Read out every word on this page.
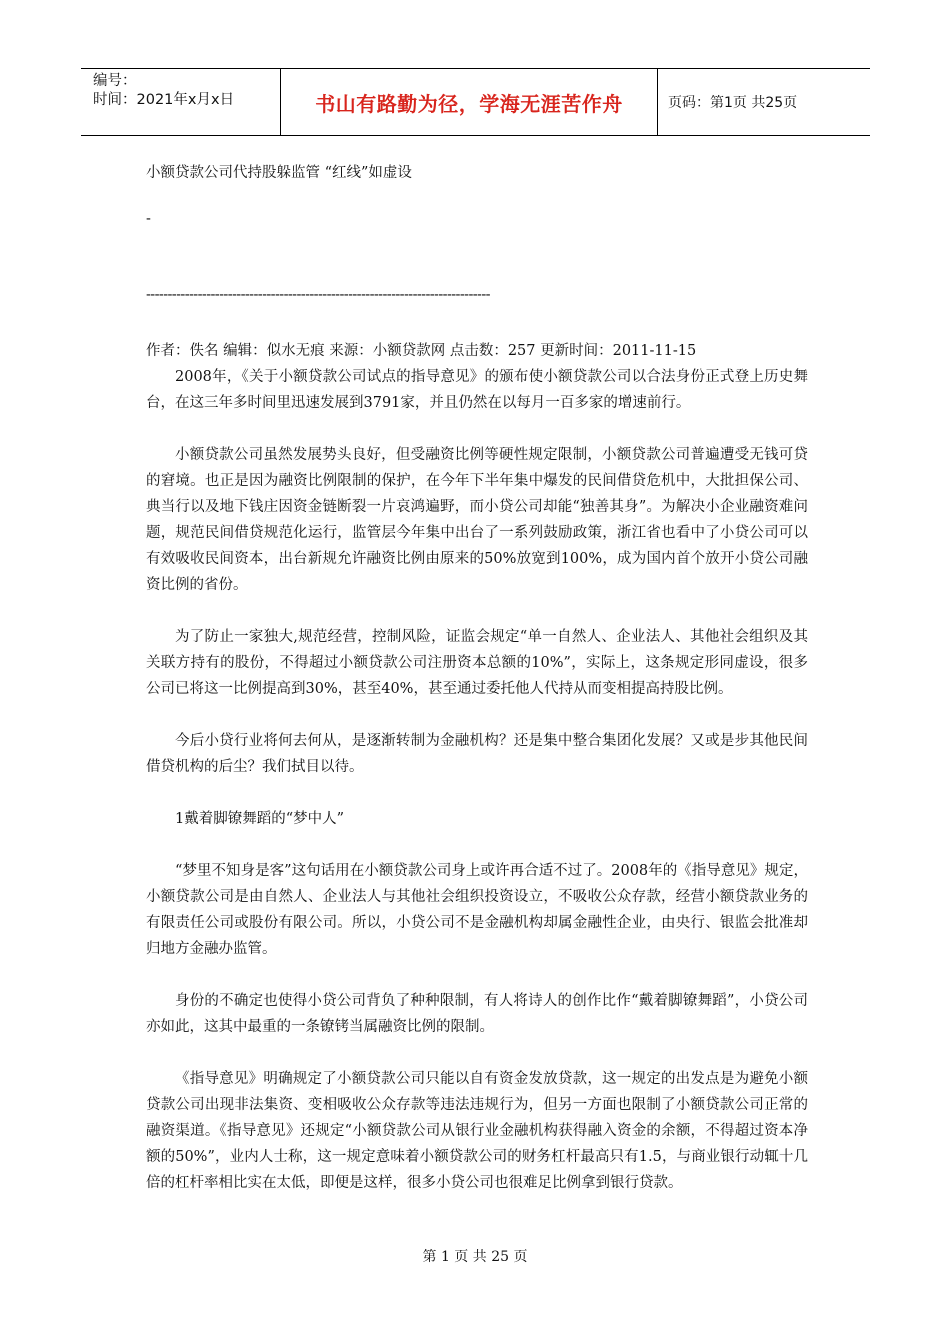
编号：
时间：2021年x月x日	书山有路勤为径，学海无涯苦作舟	页码：第1页 共25页
小额贷款公司代持股躲监管 “红线”如虚设
-
--------------------------------------------------------------------------------
作者：佚名 编辑：似水无痕 来源：小额贷款网 点击数：257 更新时间：2011-11-15

2008年，《关于小额贷款公司试点的指导意见》的颁布使小额贷款公司以合法身份正式登上历史舞台，在这三年多时间里迅速发展到3791家，并且仍然在以每月一百多家的增速前行。

小额贷款公司虽然发展势头良好，但受融资比例等硬性规定限制，小额贷款公司普遍遭受无钱可贷的窘境。也正是因为融资比例限制的保护，在今年下半年集中爆发的民间借贷危机中，大批担保公司、典当行以及地下钱庄因资金链断裂一片哀鸿遍野，而小贷公司却能“独善其身”。为解决小企业融资难问题，规范民间借贷规范化运行，监管层今年集中出台了一系列鼓励政策，浙江省也看中了小贷公司可以有效吸收民间资本，出台新规允许融资比例由原来的50%放宽到100%，成为国内首个放开小贷公司融资比例的省份。

为了防止一家独大,规范经营，控制风险，证监会规定“单一自然人、企业法人、其他社会组织及其关联方持有的股份，不得超过小额贷款公司注册资本总额的10%”，实际上，这条规定形同虚设，很多公司已将这一比例提高到30%，甚至40%，甚至通过委托他人代持从而变相提高持股比例。

今后小贷行业将何去何从，是逐渐转制为金融机构？还是集中整合集团化发展？又或是步其他民间借贷机构的后尘？我们拭目以待。

1戴着脚镣舞蹈的“梦中人”

“梦里不知身是客”这句话用在小额贷款公司身上或许再合适不过了。2008年的《指导意见》规定，小额贷款公司是由自然人、企业法人与其他社会组织投资设立，不吸收公众存款，经营小额贷款业务的有限责任公司或股份有限公司。所以，小贷公司不是金融机构却属金融性企业，由央行、银监会批准却归地方金融办监管。

身份的不确定也使得小贷公司背负了种种限制，有人将诗人的创作比作“戴着脚镣舞蹈”，小贷公司亦如此，这其中最重的一条镣铐当属融资比例的限制。

《指导意见》明确规定了小额贷款公司只能以自有资金发放贷款，这一规定的出发点是为避免小额贷款公司出现非法集资、变相吸收公众存款等违法违规行为，但另一方面也限制了小额贷款公司正常的融资渠道。《指导意见》还规定“小额贷款公司从银行业金融机构获得融入资金的余额，不得超过资本净额的50%”，业内人士称，这一规定意味着小额贷款公司的财务杠杆最高只有1.5，与商业银行动辄十几倍的杠杆率相比实在太低，即便是这样，很多小贷公司也很难足比例拿到银行贷款。

第 1 页 共 25 页
